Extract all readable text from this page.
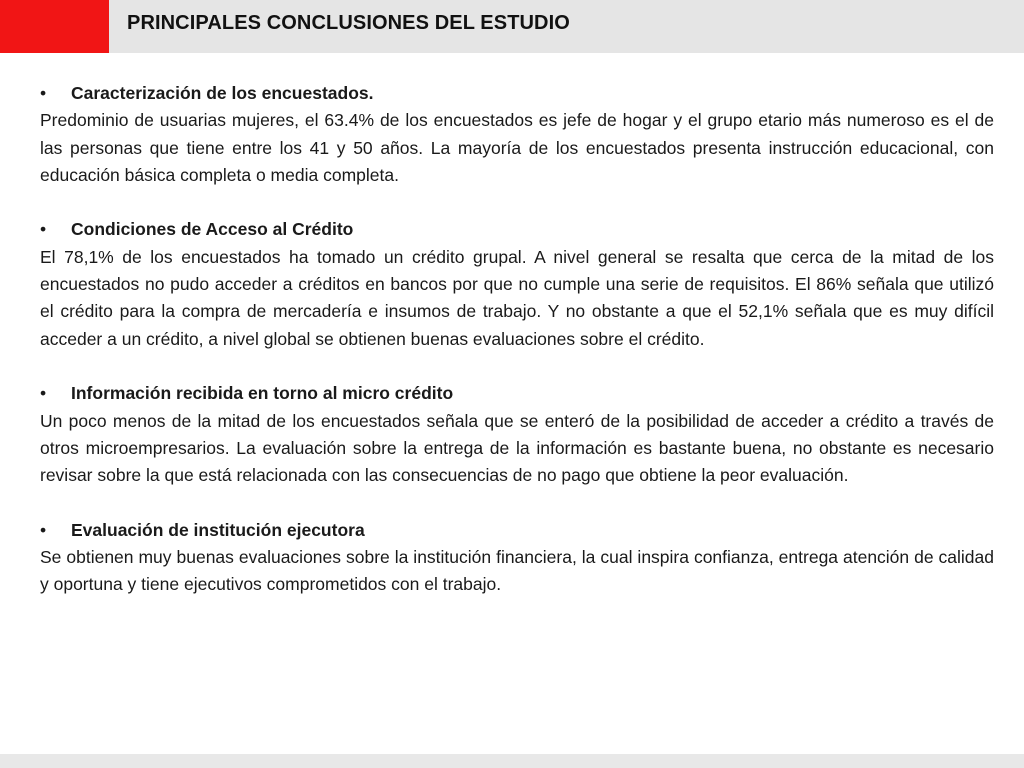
PRINCIPALES CONCLUSIONES DEL ESTUDIO
•	Caracterización de los encuestados.

Predominio de usuarias mujeres, el 63.4% de los encuestados es jefe de hogar y el grupo etario más numeroso es el de las personas que tiene entre los 41 y 50 años. La mayoría de los encuestados presenta instrucción educacional, con educación básica completa o media completa.

•	Condiciones de Acceso al Crédito

El 78,1% de los encuestados ha tomado un crédito grupal. A nivel general se resalta que cerca de la mitad de los encuestados no pudo acceder a créditos en bancos por que no cumple una serie de requisitos. El 86% señala que utilizó el crédito para la compra de mercadería e insumos de trabajo. Y no obstante a que el 52,1% señala que es muy difícil acceder a un crédito, a nivel global se obtienen buenas evaluaciones sobre el crédito.

•	Información recibida en torno al micro crédito

Un poco menos de la mitad de los encuestados señala que se enteró de la posibilidad de acceder a crédito a través de otros microempresarios. La evaluación sobre la entrega de la información es bastante buena, no obstante es necesario revisar sobre la que está relacionada con las consecuencias de no pago que obtiene la peor evaluación.

•	Evaluación de institución ejecutora

Se obtienen muy buenas evaluaciones sobre la institución financiera, la cual inspira confianza, entrega atención de calidad y oportuna y tiene ejecutivos comprometidos con el trabajo.
